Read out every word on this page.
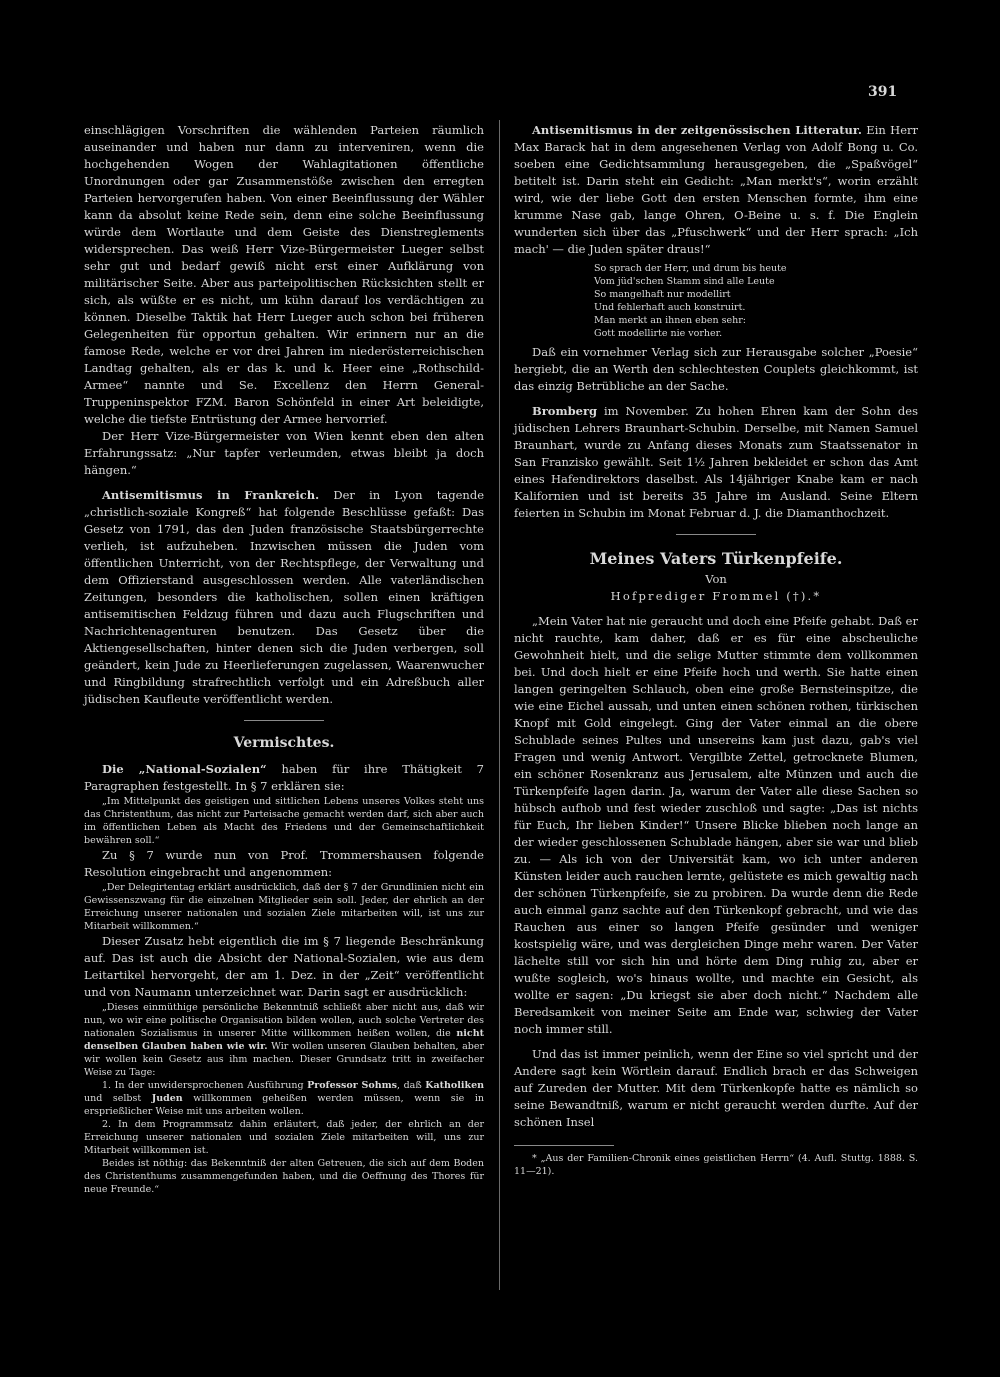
391

einschlägigen Vorschriften die wählenden Parteien räumlich auseinander und haben nur dann zu interveniren, wenn die hochgehenden Wogen der Wahlagitationen öffentliche Unordnungen oder gar Zusammenstöße zwischen den erregten Parteien hervorgerufen haben. Von einer Beeinflussung der Wähler kann da absolut keine Rede sein, denn eine solche Beeinflussung würde dem Wortlaute und dem Geiste des Dienstreglements widersprechen. Das weiß Herr Vize-Bürgermeister Lueger selbst sehr gut und bedarf gewiß nicht erst einer Aufklärung von militärischer Seite. Aber aus parteipolitischen Rücksichten stellt er sich, als wüßte er es nicht, um kühn darauf los verdächtigen zu können. Dieselbe Taktik hat Herr Lueger auch schon bei früheren Gelegenheiten für opportun gehalten. Wir erinnern nur an die famose Rede, welche er vor drei Jahren im niederösterreichischen Landtag gehalten, als er das k. und k. Heer eine „Rothschild-Armee“ nannte und Se. Excellenz den Herrn General-Truppeninspektor FZM. Baron Schönfeld in einer Art beleidigte, welche die tiefste Entrüstung der Armee hervorrief.

Der Herr Vize-Bürgermeister von Wien kennt eben den alten Erfahrungssatz: „Nur tapfer verleumden, etwas bleibt ja doch hängen.“

Antisemitismus in Frankreich. Der in Lyon tagende „christlich-soziale Kongreß“ hat folgende Beschlüsse gefaßt: Das Gesetz von 1791, das den Juden französische Staatsbürgerrechte verlieh, ist aufzuheben. Inzwischen müssen die Juden vom öffentlichen Unterricht, von der Rechtspflege, der Verwaltung und dem Offizierstand ausgeschlossen werden. Alle vaterländischen Zeitungen, besonders die katholischen, sollen einen kräftigen antisemitischen Feldzug führen und dazu auch Flugschriften und Nachrichtenagenturen benutzen. Das Gesetz über die Aktiengesellschaften, hinter denen sich die Juden verbergen, soll geändert, kein Jude zu Heerlieferungen zugelassen, Waarenwucher und Ringbildung strafrechtlich verfolgt und ein Adreßbuch aller jüdischen Kaufleute veröffentlicht werden.

Vermischtes.

Die „National-Sozialen“ haben für ihre Thätigkeit 7 Paragraphen festgestellt. In § 7 erklären sie:

„Im Mittelpunkt des geistigen und sittlichen Lebens unseres Volkes steht uns das Christenthum, das nicht zur Parteisache gemacht werden darf, sich aber auch im öffentlichen Leben als Macht des Friedens und der Gemeinschaftlichkeit bewähren soll.“

Zu § 7 wurde nun von Prof. Trommershausen folgende Resolution eingebracht und angenommen:

„Der Delegirtentag erklärt ausdrücklich, daß der § 7 der Grundlinien nicht ein Gewissenszwang für die einzelnen Mitglieder sein soll. Jeder, der ehrlich an der Erreichung unserer nationalen und sozialen Ziele mitarbeiten will, ist uns zur Mitarbeit willkommen.“

Dieser Zusatz hebt eigentlich die im § 7 liegende Beschränkung auf. Das ist auch die Absicht der National-Sozialen, wie aus dem Leitartikel hervorgeht, der am 1. Dez. in der „Zeit“ veröffentlicht und von Naumann unterzeichnet war. Darin sagt er ausdrücklich:

„Dieses einmüthige persönliche Bekenntniß schließt aber nicht aus, daß wir nun, wo wir eine politische Organisation bilden wollen, auch solche Vertreter des nationalen Sozialismus in unserer Mitte willkommen heißen wollen, die nicht denselben Glauben haben wie wir. Wir wollen unseren Glauben behalten, aber wir wollen kein Gesetz aus ihm machen. Dieser Grundsatz tritt in zweifacher Weise zu Tage:

1. In der unwidersprochenen Ausführung Professor Sohms, daß Katholiken und selbst Juden willkommen geheißen werden müssen, wenn sie in ersprießlicher Weise mit uns arbeiten wollen.

2. In dem Programmsatz dahin erläutert, daß jeder, der ehrlich an der Erreichung unserer nationalen und sozialen Ziele mitarbeiten will, uns zur Mitarbeit willkommen ist.

Beides ist nöthig: das Bekenntniß der alten Getreuen, die sich auf dem Boden des Christenthums zusammengefunden haben, und die Oeffnung des Thores für neue Freunde.“

Antisemitismus in der zeitgenössischen Litteratur. Ein Herr Max Barack hat in dem angesehenen Verlag von Adolf Bong u. Co. soeben eine Gedichtsammlung herausgegeben, die „Spaßvögel“ betitelt ist. Darin steht ein Gedicht: „Man merkt's“, worin erzählt wird, wie der liebe Gott den ersten Menschen formte, ihm eine krumme Nase gab, lange Ohren, O-Beine u. s. f. Die Englein wunderten sich über das „Pfuschwerk“ und der Herr sprach: „Ich mach' — die Juden später draus!“

So sprach der Herr, und drum bis heute
Vom jüd'schen Stamm sind alle Leute
So mangelhaft nur modellirt
Und fehlerhaft auch konstruirt.
Man merkt an ihnen eben sehr:
Gott modellirte nie vorher.

Daß ein vornehmer Verlag sich zur Herausgabe solcher „Poesie“ hergiebt, die an Werth den schlechtesten Couplets gleichkommt, ist das einzig Betrübliche an der Sache.

Bromberg im November. Zu hohen Ehren kam der Sohn des jüdischen Lehrers Braunhart-Schubin. Derselbe, mit Namen Samuel Braunhart, wurde zu Anfang dieses Monats zum Staatssenator in San Franzisko gewählt. Seit 1½ Jahren bekleidet er schon das Amt eines Hafendirektors daselbst. Als 14jähriger Knabe kam er nach Kalifornien und ist bereits 35 Jahre im Ausland. Seine Eltern feierten in Schubin im Monat Februar d. J. die Diamanthochzeit.

Meines Vaters Türkenpfeife.

Von

Hofprediger Frommel (†).*

„Mein Vater hat nie geraucht und doch eine Pfeife gehabt. Daß er nicht rauchte, kam daher, daß er es für eine abscheuliche Gewohnheit hielt, und die selige Mutter stimmte dem vollkommen bei. Und doch hielt er eine Pfeife hoch und werth. Sie hatte einen langen geringelten Schlauch, oben eine große Bernsteinspitze, die wie eine Eichel aussah, und unten einen schönen rothen, türkischen Knopf mit Gold eingelegt. Ging der Vater einmal an die obere Schublade seines Pultes und unsereins kam just dazu, gab's viel Fragen und wenig Antwort. Vergilbte Zettel, getrocknete Blumen, ein schöner Rosenkranz aus Jerusalem, alte Münzen und auch die Türkenpfeife lagen darin. Ja, warum der Vater alle diese Sachen so hübsch aufhob und fest wieder zuschloß und sagte: „Das ist nichts für Euch, Ihr lieben Kinder!“ Unsere Blicke blieben noch lange an der wieder geschlossenen Schublade hängen, aber sie war und blieb zu. — Als ich von der Universität kam, wo ich unter anderen Künsten leider auch rauchen lernte, gelüstete es mich gewaltig nach der schönen Türkenpfeife, sie zu probiren. Da wurde denn die Rede auch einmal ganz sachte auf den Türkenkopf gebracht, und wie das Rauchen aus einer so langen Pfeife gesünder und weniger kostspielig wäre, und was dergleichen Dinge mehr waren. Der Vater lächelte still vor sich hin und hörte dem Ding ruhig zu, aber er wußte sogleich, wo's hinaus wollte, und machte ein Gesicht, als wollte er sagen: „Du kriegst sie aber doch nicht.“ Nachdem alle Beredsamkeit von meiner Seite am Ende war, schwieg der Vater noch immer still.

Und das ist immer peinlich, wenn der Eine so viel spricht und der Andere sagt kein Wörtlein darauf. Endlich brach er das Schweigen auf Zureden der Mutter. Mit dem Türkenkopfe hatte es nämlich so seine Bewandtniß, warum er nicht geraucht werden durfte. Auf der schönen Insel

* „Aus der Familien-Chronik eines geistlichen Herrn“ (4. Aufl. Stuttg. 1888. S. 11—21).
